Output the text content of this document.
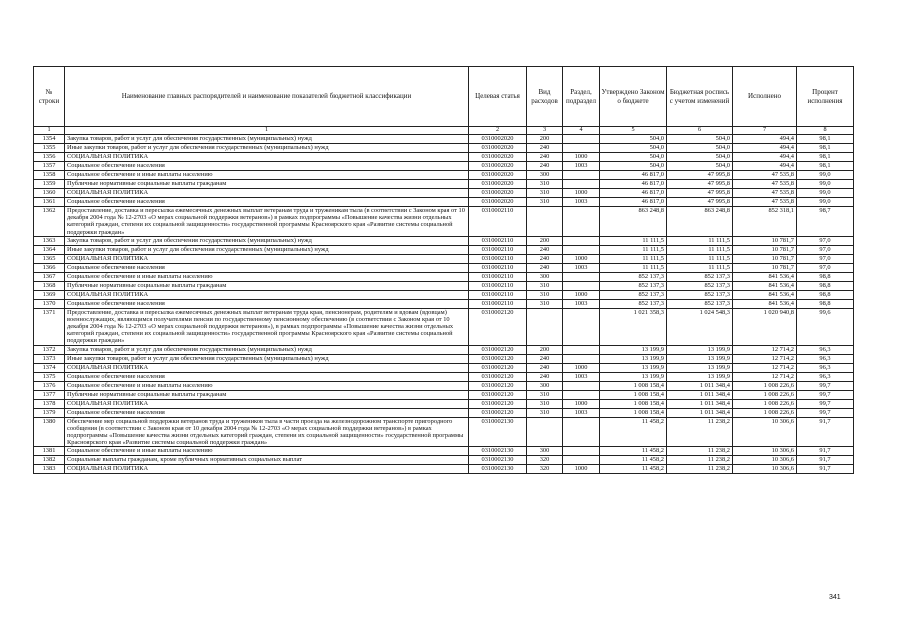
№ строки	Наименование главных распорядителей и наименование показателей бюджетной классификации	Целевая статья	Вид расходов	Раздел, подраздел	Утверждено Законом о бюджете	Бюджетная роспись с учетом изменений	Исполнено	Процент исполнения
1	1	2	3	4	5	6	7	8
1354	Закупка товаров, работ и услуг для обеспечения государственных (муниципальных) нужд	0310002020	200		504,0	504,0	494,4	98,1
1355	Иные закупки товаров, работ и услуг для обеспечения государственных (муниципальных) нужд	0310002020	240		504,0	504,0	494,4	98,1
1356	СОЦИАЛЬНАЯ ПОЛИТИКА	0310002020	240	1000	504,0	504,0	494,4	98,1
1357	Социальное обеспечение населения	0310002020	240	1003	504,0	504,0	494,4	98,1
1358	Социальное обеспечение и иные выплаты населению	0310002020	300		46 817,0	47 995,8	47 535,8	99,0
1359	Публичные нормативные социальные выплаты гражданам	0310002020	310		46 817,0	47 995,8	47 535,8	99,0
1360	СОЦИАЛЬНАЯ ПОЛИТИКА	0310002020	310	1000	46 817,0	47 995,8	47 535,8	99,0
1361	Социальное обеспечение населения	0310002020	310	1003	46 817,0	47 995,8	47 535,8	99,0
1362	Предоставление, доставка и пересылка ежемесячных денежных выплат ветеранам труда и труженикам тыла (в соответствии с Законом края от 10 декабря 2004 года № 12-2703 «О мерах социальной поддержки ветеранов») в рамках подпрограммы «Повышение качества жизни отдельных категорий граждан, степени их социальной защищенности» государственной программы Красноярского края «Развитие системы социальной поддержки граждан»	0310002110			863 248,8	863 248,8	852 318,1	98,7
1363	Закупка товаров, работ и услуг для обеспечения государственных (муниципальных) нужд	0310002110	200		11 111,5	11 111,5	10 781,7	97,0
1364	Иные закупки товаров, работ и услуг для обеспечения государственных (муниципальных) нужд	0310002110	240		11 111,5	11 111,5	10 781,7	97,0
1365	СОЦИАЛЬНАЯ ПОЛИТИКА	0310002110	240	1000	11 111,5	11 111,5	10 781,7	97,0
1366	Социальное обеспечение населения	0310002110	240	1003	11 111,5	11 111,5	10 781,7	97,0
1367	Социальное обеспечение и иные выплаты населению	0310002110	300		852 137,3	852 137,3	841 536,4	98,8
1368	Публичные нормативные социальные выплаты гражданам	0310002110	310		852 137,3	852 137,3	841 536,4	98,8
1369	СОЦИАЛЬНАЯ ПОЛИТИКА	0310002110	310	1000	852 137,3	852 137,3	841 536,4	98,8
1370	Социальное обеспечение населения	0310002110	310	1003	852 137,3	852 137,3	841 536,4	98,8
1371	Предоставление, доставка и пересылка ежемесячных денежных выплат ветеранам труда края, пенсионерам, родителям и вдовам (вдовцам) военнослужащих, являющимся получателями пенсии по государственному пенсионному обеспечению (в соответствии с Законом края от 10 декабря 2004 года № 12-2703 «О мерах социальной поддержки ветеранов»), в рамках подпрограммы «Повышение качества жизни отдельных категорий граждан, степени их социальной защищенности» государственной программы Красноярского края «Развитие системы социальной поддержки граждан»	0310002120			1 021 358,3	1 024 548,3	1 020 940,8	99,6
1372	Закупка товаров, работ и услуг для обеспечения государственных (муниципальных) нужд	0310002120	200		13 199,9	13 199,9	12 714,2	96,3
1373	Иные закупки товаров, работ и услуг для обеспечения государственных (муниципальных) нужд	0310002120	240		13 199,9	13 199,9	12 714,2	96,3
1374	СОЦИАЛЬНАЯ ПОЛИТИКА	0310002120	240	1000	13 199,9	13 199,9	12 714,2	96,3
1375	Социальное обеспечение населения	0310002120	240	1003	13 199,9	13 199,9	12 714,2	96,3
1376	Социальное обеспечение и иные выплаты населению	0310002120	300		1 008 158,4	1 011 348,4	1 008 226,6	99,7
1377	Публичные нормативные социальные выплаты гражданам	0310002120	310		1 008 158,4	1 011 348,4	1 008 226,6	99,7
1378	СОЦИАЛЬНАЯ ПОЛИТИКА	0310002120	310	1000	1 008 158,4	1 011 348,4	1 008 226,6	99,7
1379	Социальное обеспечение населения	0310002120	310	1003	1 008 158,4	1 011 348,4	1 008 226,6	99,7
1380	Обеспечение мер социальной поддержки ветеранов труда и тружеников тыла в части проезда на железнодорожном транспорте пригородного сообщения (в соответствии с Законом края от 10 декабря 2004 года № 12-2703 «О мерах социальной поддержки ветеранов») в рамках подпрограммы «Повышение качества жизни отдельных категорий граждан, степени их социальной защищенности» государственной программы Красноярского края «Развитие системы социальной поддержки граждан»	0310002130			11 458,2	11 238,2	10 306,6	91,7
1381	Социальное обеспечение и иные выплаты населению	0310002130	300		11 458,2	11 238,2	10 306,6	91,7
1382	Социальные выплаты гражданам, кроме публичных нормативных социальных выплат	0310002130	320		11 458,2	11 238,2	10 306,6	91,7
1383	СОЦИАЛЬНАЯ ПОЛИТИКА	0310002130	320	1000	11 458,2	11 238,2	10 306,6	91,7
341
